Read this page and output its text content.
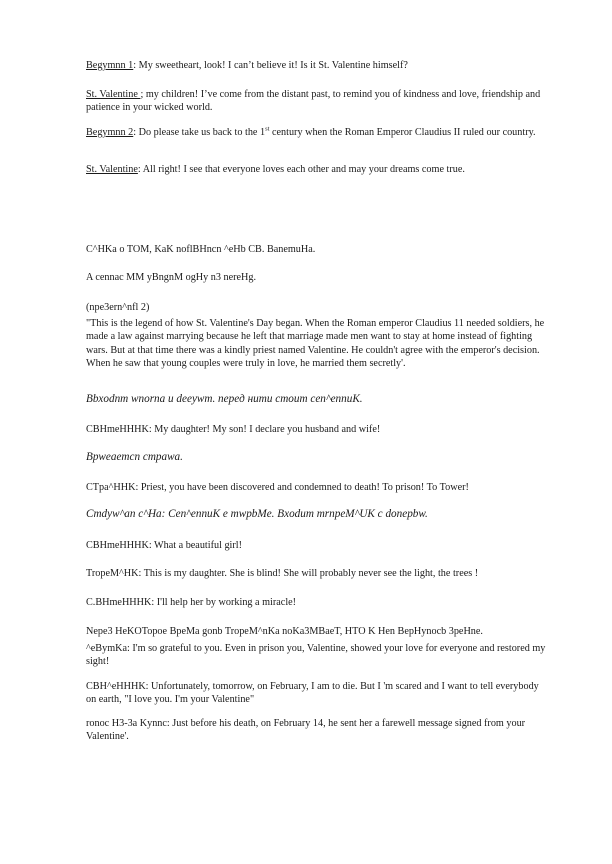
Begymnn 1: My sweetheart, look! I can’t believe it! Is it St. Valentine himself?
St. Valentine ; my children! I’ve come from the distant past, to remind you of kindness and love, friendship and patience in your wicked world.
Begymnn 2: Do please take us back to the 1st century when the Roman Emperor Claudius II ruled our country.
St. Valentine: All right! I see that everyone loves each other and may your dreams come true.
C^HKa o TOM, KaK noflBHncn ^eHb CB. BanemuHa.
A cennac MM yBngnM ogHy n3 nereHg.
(npe3ern^nfl 2)
"This is the legend of how St. Valentine's Day began. When the Roman emperor Claudius 11 needed soldiers, he made a law against marrying because he left that marriage made men want to stay at home instead of fighting wars. But at that time there was a kindly priest named Valentine. He couldn't agree with the emperor's decision. When he saw that young couples were truly in love, he married them secretly'.
Bbxodnm wnorna u deeywm. nepeд нumu cmoum cen^ennuK.
CBHmeHHHK: My daughter! My son! I declare you husband and wife!
Bpweaemcn cmpawa.
CTpa^HHK: Priest, you have been discovered and condemned to death! To prison! To Tower!
Cmdyw^an c^Ha: Cen^ennuK e mwpbMe. Bxodum mrnpeM^UK c donepbw.
CBHmeHHHK: What a beautiful girl!
TropeM^HK: This is my daughter. She is blind! She will probably never see the light, the trees !
C.BHmeHHHK: I'll help her by working a miracle!
Nepe3 HeKOTopoe BpeMa gonb TropeM^nKa noKa3MBaeT, HTO K Hen BepHynocb 3peHne.
^eBymKa: I'm so grateful to you. Even in prison you, Valentine, showed your love for everyone and restored my sight!
CBH^eHHHK: Unfortunately, tomorrow, on February, I am to die. But I 'm scared and I want to tell everybody on earth, "I love you. I'm your Valentine"
ronoc H3-3a Kynnc: Just before his death, on February 14, he sent her a farewell message signed from your Valentine'.
